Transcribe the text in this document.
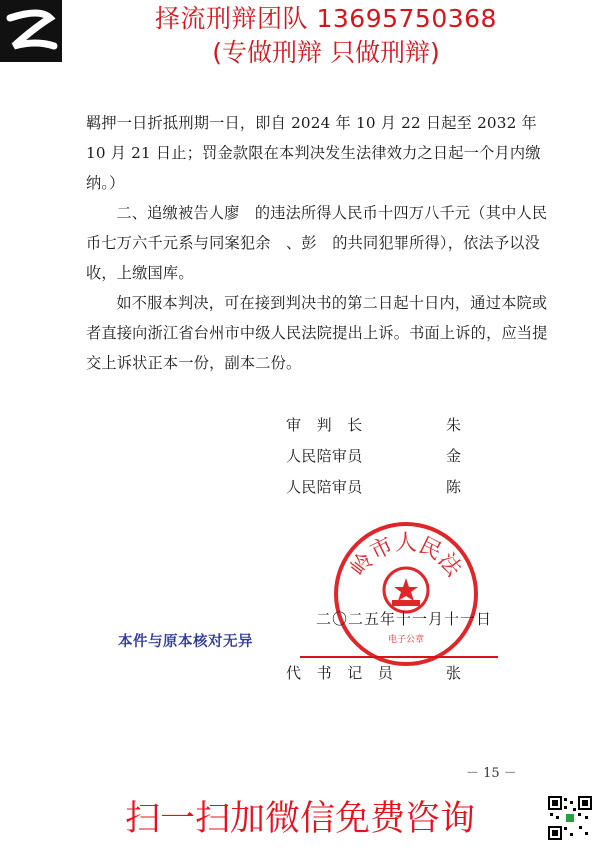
择流刑辩团队 13695750368
(专做刑辩 只做刑辩)

羁押一日折抵刑期一日，即自 2024 年 10 月 22 日起至 2032 年 10 月 21 日止；罚金款限在本判决发生法律效力之日起一个月内缴纳。）

二、追缴被告人廖　的违法所得人民币十四万八千元（其中人民币七万六千元系与同案犯余　、彭　的共同犯罪所得），依法予以没收，上缴国库。

如不服本判决，可在接到判决书的第二日起十日内，通过本院或者直接向浙江省台州市中级人民法院提出上诉。书面上诉的，应当提交上诉状正本一份，副本二份。

审　判　长	朱
人民陪审员	金
人民陪审员	陈
岭市人民法
电子公章
二〇二五年十一月十一日
本件与原本核对无异
代　书　记　员	张
－ 15 －
扫一扫加微信免费咨询
